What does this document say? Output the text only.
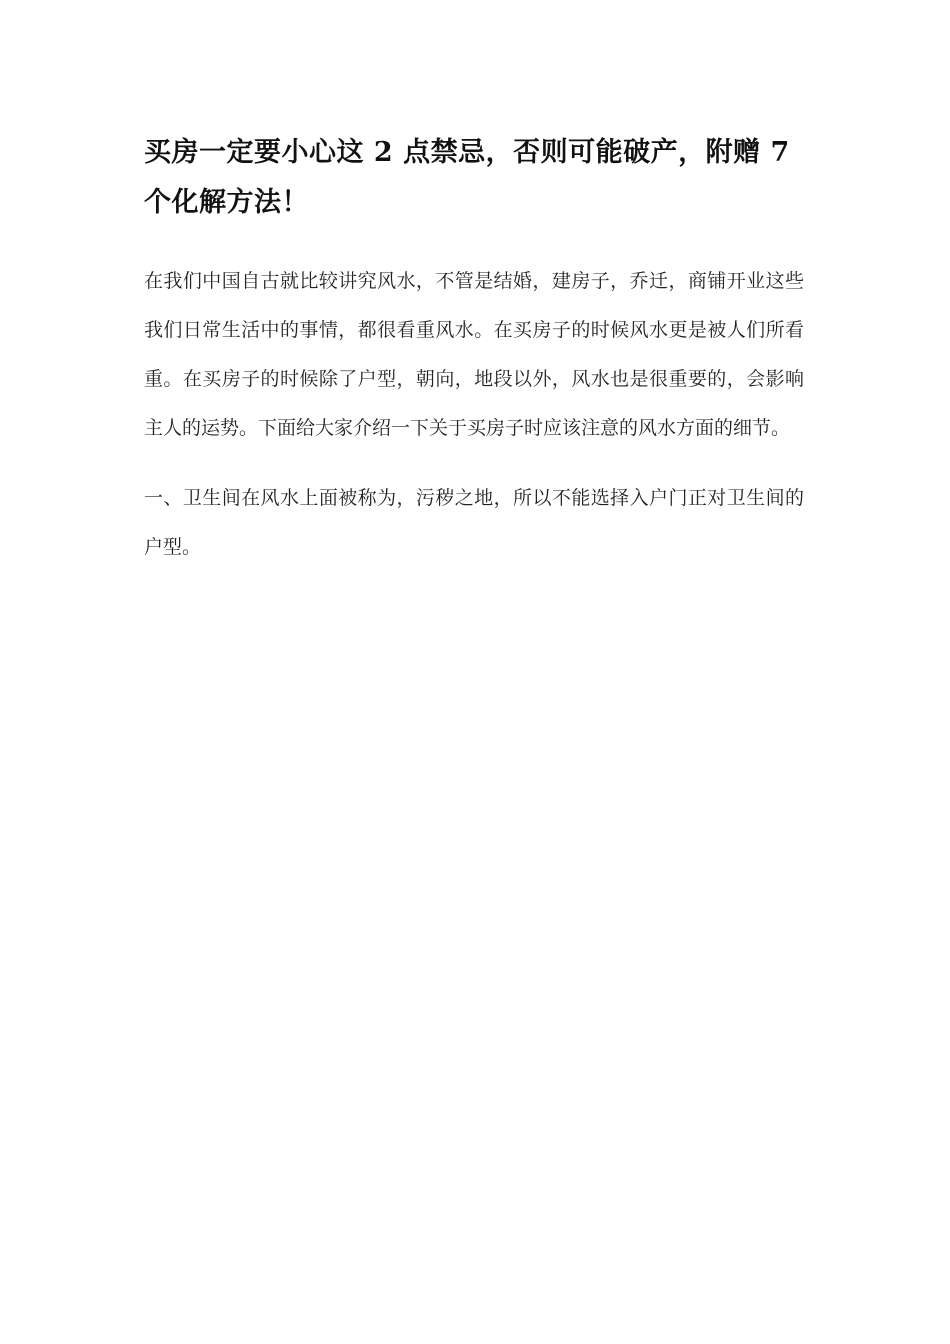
买房一定要小心这 2 点禁忌，否则可能破产，附赠 7 个化解方法！

在我们中国自古就比较讲究风水，不管是结婚，建房子，乔迁，商铺开业这些我们日常生活中的事情，都很看重风水。在买房子的时候风水更是被人们所看重。在买房子的时候除了户型，朝向，地段以外，风水也是很重要的，会影响主人的运势。下面给大家介绍一下关于买房子时应该注意的风水方面的细节。

一、卫生间在风水上面被称为，污秽之地，所以不能选择入户门正对卫生间的户型。
